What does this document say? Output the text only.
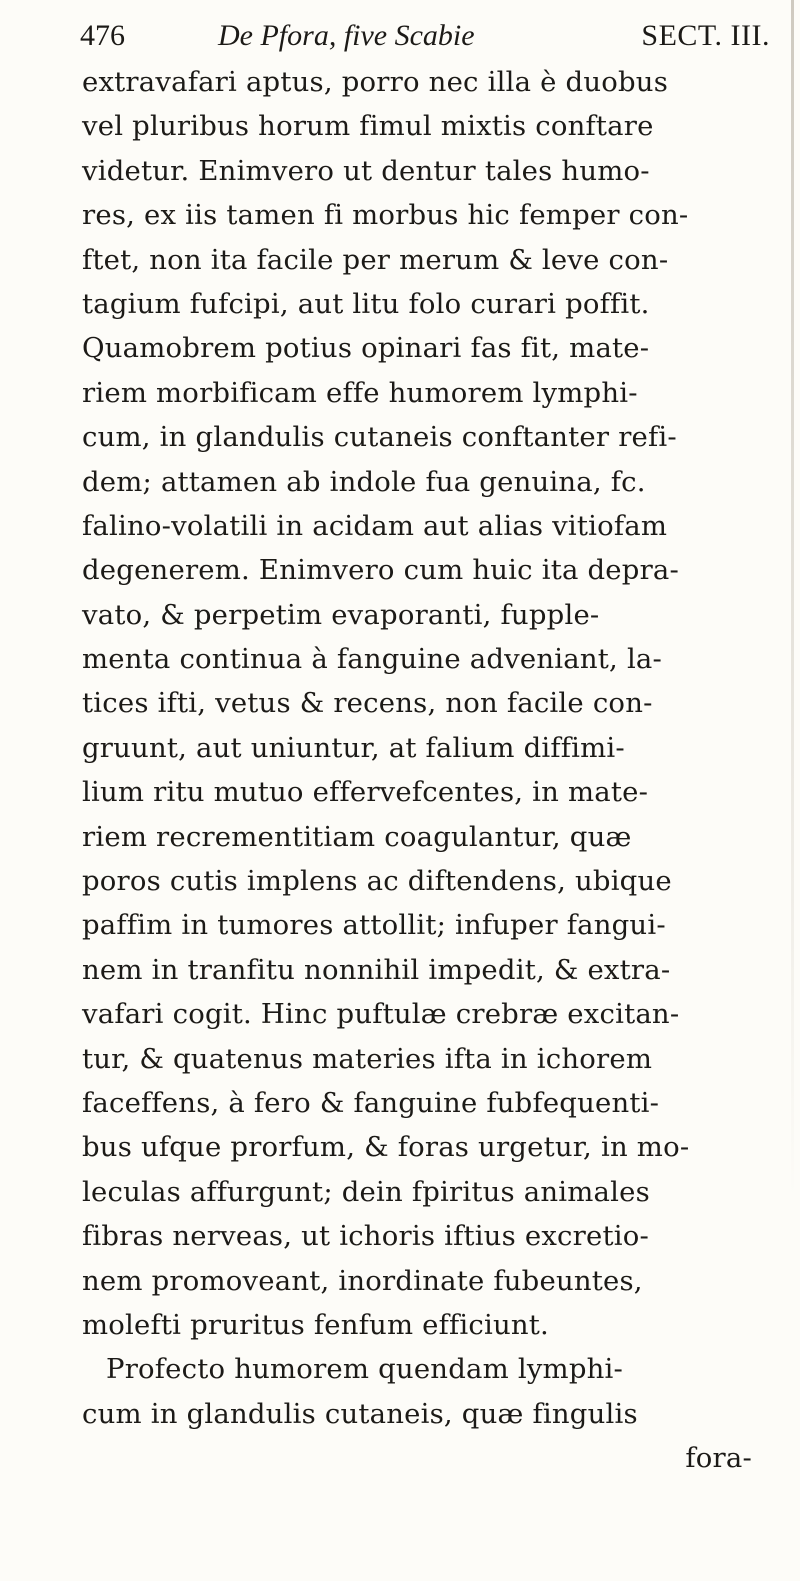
476	De Pfora, five Scabie	SECT. III.
extravafari aptus, porro nec illa è duobus
vel pluribus horum fimul mixtis conftare
videtur. Enimvero ut dentur tales humo-
res, ex iis tamen fi morbus hic femper con-
ftet, non ita facile per merum & leve con-
tagium fufcipi, aut litu folo curari poffit.
Quamobrem potius opinari fas fit, mate-
riem morbificam effe humorem lymphi-
cum, in glandulis cutaneis conftanter refi-
dem; attamen ab indole fua genuina, fc.
falino-volatili in acidam aut alias vitiofam
degenerem. Enimvero cum huic ita depra-
vato, & perpetim evaporanti, fupple-
menta continua à fanguine adveniant, la-
tices ifti, vetus & recens, non facile con-
gruunt, aut uniuntur, at falium diffimi-
lium ritu mutuo effervefcentes, in mate-
riem recrementitiam coagulantur, quæ
poros cutis implens ac diftendens, ubique
paffim in tumores attollit; infuper fangui-
nem in tranfitu nonnihil impedit, & extra-
vafari cogit. Hinc puftulæ crebræ excitan-
tur, & quatenus materies ifta in ichorem
faceffens, à fero & fanguine fubfequenti-
bus ufque prorfum, & foras urgetur, in mo-
leculas affurgunt; dein fpiritus animales
fibras nerveas, ut ichoris iftius excretio-
nem promoveant, inordinate fubeuntes,
molefti pruritus fenfum efficiunt.
Profecto humorem quendam lymphi-
cum in glandulis cutaneis, quæ fingulis
fora-
